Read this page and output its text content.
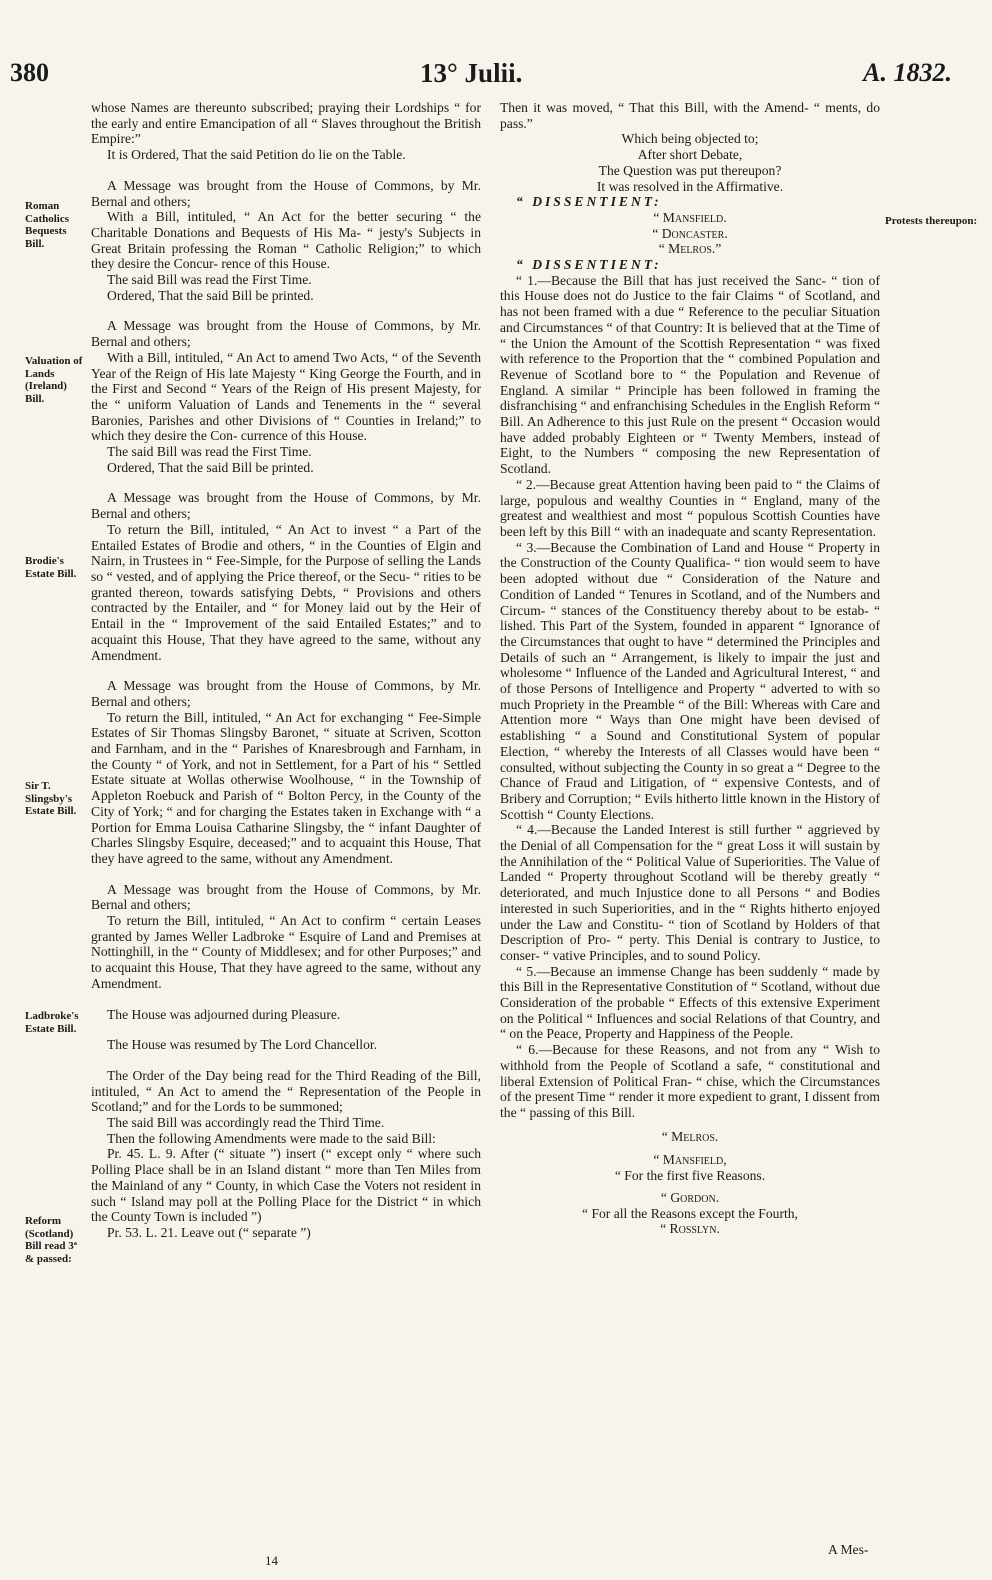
380	13° Julii.	A. 1832.
Roman Catholics Bequests Bill.
Valuation of Lands (Ireland) Bill.
Brodie's Estate Bill.
Sir T. Slingsby's Estate Bill.
Ladbroke's Estate Bill.
Reform (Scotland) Bill read 3ª & passed:
Protests thereupon:

whose Names are thereunto subscribed; praying their Lordships “ for the early and entire Emancipation of all “ Slaves throughout the British Empire:”

It is Ordered, That the said Petition do lie on the Table.

A Message was brought from the House of Commons, by Mr. Bernal and others;

With a Bill, intituled, “ An Act for the better securing “ the Charitable Donations and Bequests of His Ma- “ jesty's Subjects in Great Britain professing the Roman “ Catholic Religion;” to which they desire the Concur- rence of this House.

The said Bill was read the First Time.

Ordered, That the said Bill be printed.

A Message was brought from the House of Commons, by Mr. Bernal and others;

With a Bill, intituled, “ An Act to amend Two Acts, “ of the Seventh Year of the Reign of His late Majesty “ King George the Fourth, and in the First and Second “ Years of the Reign of His present Majesty, for the “ uniform Valuation of Lands and Tenements in the “ several Baronies, Parishes and other Divisions of “ Counties in Ireland;” to which they desire the Con- currence of this House.

The said Bill was read the First Time.

Ordered, That the said Bill be printed.

A Message was brought from the House of Commons, by Mr. Bernal and others;

To return the Bill, intituled, “ An Act to invest “ a Part of the Entailed Estates of Brodie and others, “ in the Counties of Elgin and Nairn, in Trustees in “ Fee-Simple, for the Purpose of selling the Lands so “ vested, and of applying the Price thereof, or the Secu- “ rities to be granted thereon, towards satisfying Debts, “ Provisions and others contracted by the Entailer, and “ for Money laid out by the Heir of Entail in the “ Improvement of the said Entailed Estates;” and to acquaint this House, That they have agreed to the same, without any Amendment.

A Message was brought from the House of Commons, by Mr. Bernal and others;

To return the Bill, intituled, “ An Act for exchanging “ Fee-Simple Estates of Sir Thomas Slingsby Baronet, “ situate at Scriven, Scotton and Farnham, and in the “ Parishes of Knaresbrough and Farnham, in the County “ of York, and not in Settlement, for a Part of his “ Settled Estate situate at Wollas otherwise Woolhouse, “ in the Township of Appleton Roebuck and Parish of “ Bolton Percy, in the County of the City of York; “ and for charging the Estates taken in Exchange with “ a Portion for Emma Louisa Catharine Slingsby, the “ infant Daughter of Charles Slingsby Esquire, deceased;” and to acquaint this House, That they have agreed to the same, without any Amendment.

A Message was brought from the House of Commons, by Mr. Bernal and others;

To return the Bill, intituled, “ An Act to confirm “ certain Leases granted by James Weller Ladbroke “ Esquire of Land and Premises at Nottinghill, in the “ County of Middlesex; and for other Purposes;” and to acquaint this House, That they have agreed to the same, without any Amendment.

The House was adjourned during Pleasure.

The House was resumed by The Lord Chancellor.

The Order of the Day being read for the Third Reading of the Bill, intituled, “ An Act to amend the “ Representation of the People in Scotland;” and for the Lords to be summoned;

The said Bill was accordingly read the Third Time.

Then the following Amendments were made to the said Bill:

Pr. 45. L. 9. After (“ situate ”) insert (“ except only “ where such Polling Place shall be in an Island distant “ more than Ten Miles from the Mainland of any “ County, in which Case the Voters not resident in such “ Island may poll at the Polling Place for the District “ in which the County Town is included ”)

Pr. 53. L. 21. Leave out (“ separate ”)

Then it was moved, “ That this Bill, with the Amend- “ ments, do pass.”

Which being objected to;

After short Debate,

The Question was put thereupon?

It was resolved in the Affirmative.

“ DISSENTIENT:

“ Mansfield.

“ Doncaster.

“ Melros.”

“ DISSENTIENT:

“ 1.—Because the Bill that has just received the Sanc- “ tion of this House does not do Justice to the fair Claims “ of Scotland, and has not been framed with a due “ Reference to the peculiar Situation and Circumstances “ of that Country: It is believed that at the Time of “ the Union the Amount of the Scottish Representation “ was fixed with reference to the Proportion that the “ combined Population and Revenue of Scotland bore to “ the Population and Revenue of England. A similar “ Principle has been followed in framing the disfranchising “ and enfranchising Schedules in the English Reform “ Bill. An Adherence to this just Rule on the present “ Occasion would have added probably Eighteen or “ Twenty Members, instead of Eight, to the Numbers “ composing the new Representation of Scotland.

“ 2.—Because great Attention having been paid to “ the Claims of large, populous and wealthy Counties in “ England, many of the greatest and wealthiest and most “ populous Scottish Counties have been left by this Bill “ with an inadequate and scanty Representation.

“ 3.—Because the Combination of Land and House “ Property in the Construction of the County Qualifica- “ tion would seem to have been adopted without due “ Consideration of the Nature and Condition of Landed “ Tenures in Scotland, and of the Numbers and Circum- “ stances of the Constituency thereby about to be estab- “ lished. This Part of the System, founded in apparent “ Ignorance of the Circumstances that ought to have “ determined the Principles and Details of such an “ Arrangement, is likely to impair the just and wholesome “ Influence of the Landed and Agricultural Interest, “ and of those Persons of Intelligence and Property “ adverted to with so much Propriety in the Preamble “ of the Bill: Whereas with Care and Attention more “ Ways than One might have been devised of establishing “ a Sound and Constitutional System of popular Election, “ whereby the Interests of all Classes would have been “ consulted, without subjecting the County in so great a “ Degree to the Chance of Fraud and Litigation, of “ expensive Contests, and of Bribery and Corruption; “ Evils hitherto little known in the History of Scottish “ County Elections.

“ 4.—Because the Landed Interest is still further “ aggrieved by the Denial of all Compensation for the “ great Loss it will sustain by the Annihilation of the “ Political Value of Superiorities. The Value of Landed “ Property throughout Scotland will be thereby greatly “ deteriorated, and much Injustice done to all Persons “ and Bodies interested in such Superiorities, and in the “ Rights hitherto enjoyed under the Law and Constitu- “ tion of Scotland by Holders of that Description of Pro- “ perty. This Denial is contrary to Justice, to conser- “ vative Principles, and to sound Policy.

“ 5.—Because an immense Change has been suddenly “ made by this Bill in the Representative Constitution of “ Scotland, without due Consideration of the probable “ Effects of this extensive Experiment on the Political “ Influences and social Relations of that Country, and “ on the Peace, Property and Happiness of the People.

“ 6.—Because for these Reasons, and not from any “ Wish to withhold from the People of Scotland a safe, “ constitutional and liberal Extension of Political Fran- “ chise, which the Circumstances of the present Time “ render it more expedient to grant, I dissent from the “ passing of this Bill.

“ Melros.

“ Mansfield,

“ For the first five Reasons.

“ Gordon.

“ For all the Reasons except the Fourth,

“ Rosslyn.

14
A Mes-
